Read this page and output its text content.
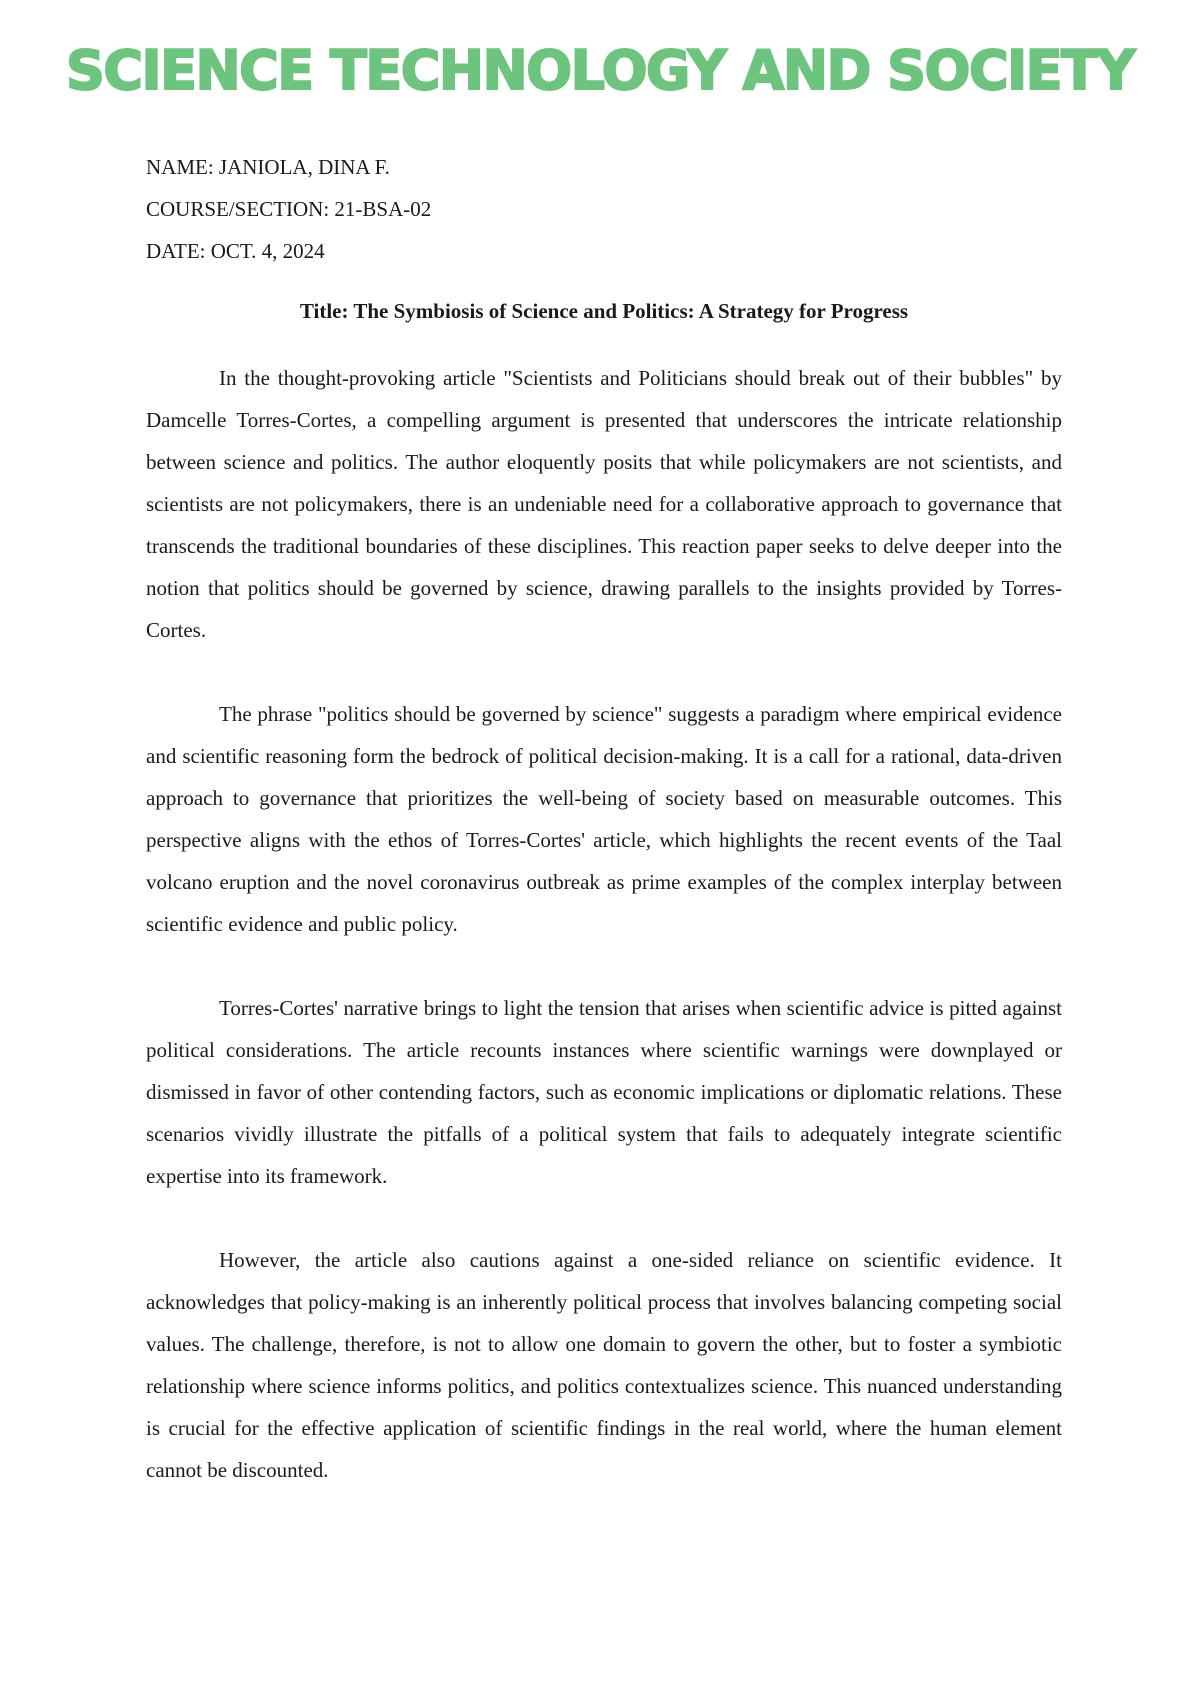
SCIENCE TECHNOLOGY AND SOCIETY
NAME: JANIOLA, DINA F.
COURSE/SECTION: 21-BSA-02
DATE: OCT. 4, 2024
Title: The Symbiosis of Science and Politics: A Strategy for Progress

In the thought-provoking article "Scientists and Politicians should break out of their bubbles" by Damcelle Torres-Cortes, a compelling argument is presented that underscores the intricate relationship between science and politics. The author eloquently posits that while policymakers are not scientists, and scientists are not policymakers, there is an undeniable need for a collaborative approach to governance that transcends the traditional boundaries of these disciplines. This reaction paper seeks to delve deeper into the notion that politics should be governed by science, drawing parallels to the insights provided by Torres-Cortes.

The phrase "politics should be governed by science" suggests a paradigm where empirical evidence and scientific reasoning form the bedrock of political decision-making. It is a call for a rational, data-driven approach to governance that prioritizes the well-being of society based on measurable outcomes. This perspective aligns with the ethos of Torres-Cortes' article, which highlights the recent events of the Taal volcano eruption and the novel coronavirus outbreak as prime examples of the complex interplay between scientific evidence and public policy.

Torres-Cortes' narrative brings to light the tension that arises when scientific advice is pitted against political considerations. The article recounts instances where scientific warnings were downplayed or dismissed in favor of other contending factors, such as economic implications or diplomatic relations. These scenarios vividly illustrate the pitfalls of a political system that fails to adequately integrate scientific expertise into its framework.

However, the article also cautions against a one-sided reliance on scientific evidence. It acknowledges that policy-making is an inherently political process that involves balancing competing social values. The challenge, therefore, is not to allow one domain to govern the other, but to foster a symbiotic relationship where science informs politics, and politics contextualizes science. This nuanced understanding is crucial for the effective application of scientific findings in the real world, where the human element cannot be discounted.
